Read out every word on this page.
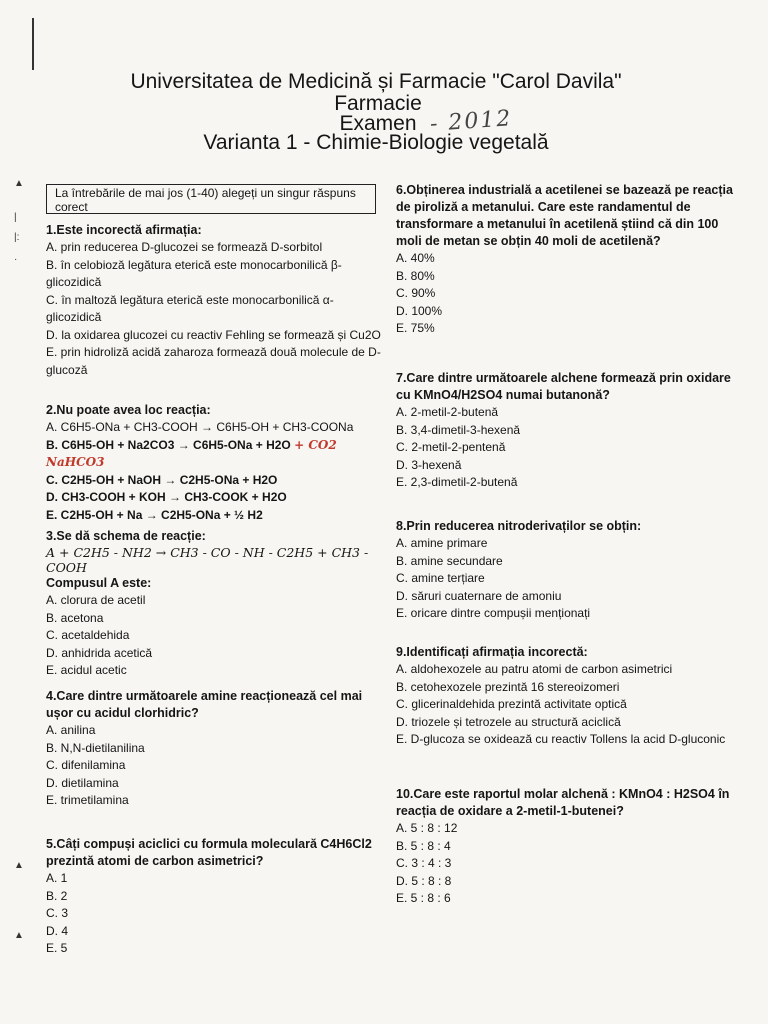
▲
|
|:
·
▲
▲
Universitatea de Medicină și Farmacie "Carol Davila"
Farmacie
Examen - 2012
Varianta 1 - Chimie-Biologie vegetală
La întrebările de mai jos (1-40) alegeți un singur răspuns corect
1.Este incorectă afirmația:
A. prin reducerea D-glucozei se formează D-sorbitol
B. în celobioză legătura eterică este monocarbonilică β-glicozidică
C. în maltoză legătura eterică este monocarbonilică α-glicozidică
D. la oxidarea glucozei cu reactiv Fehling se formează și Cu2O
E. prin hidroliză acidă zaharoza formează două molecule de D-glucoză
2.Nu poate avea loc reacția:
A. C6H5-ONa + CH3-COOH → C6H5-OH + CH3-COONa
B. C6H5-OH + Na2CO3 → C6H5-ONa + H2O + CO2 NaHCO3
C. C2H5-OH + NaOH → C2H5-ONa + H2O
D. CH3-COOH + KOH → CH3-COOK + H2O
E. C2H5-OH + Na → C2H5-ONa + ½ H2
3.Se dă schema de reacție:
A + C2H5 - NH2 → CH3 - CO - NH - C2H5 + CH3 - COOH
Compusul A este:
A. clorura de acetil
B. acetona
C. acetaldehida
D. anhidrida acetică
E. acidul acetic
4.Care dintre următoarele amine reacționează cel mai ușor cu acidul clorhidric?
A. anilina
B. N,N-dietilanilina
C. difenilamina
D. dietilamina
E. trimetilamina
5.Câți compuși aciclici cu formula moleculară C4H6Cl2 prezintă atomi de carbon asimetrici?
A. 1
B. 2
C. 3
D. 4
E. 5
6.Obținerea industrială a acetilenei se bazează pe reacția de piroliză a metanului. Care este randamentul de transformare a metanului în acetilenă știind că din 100 moli de metan se obțin 40 moli de acetilenă?
A. 40%
B. 80%
C. 90%
D. 100%
E. 75%
7.Care dintre următoarele alchene formează prin oxidare cu KMnO4/H2SO4 numai butanonă?
A. 2-metil-2-butenă
B. 3,4-dimetil-3-hexenă
C. 2-metil-2-pentenă
D. 3-hexenă
E. 2,3-dimetil-2-butenă
8.Prin reducerea nitroderivaților se obțin:
A. amine primare
B. amine secundare
C. amine terțiare
D. săruri cuaternare de amoniu
E. oricare dintre compușii menționați
9.Identificați afirmația incorectă:
A. aldohexozele au patru atomi de carbon asimetrici
B. cetohexozele prezintă 16 stereoizomeri
C. glicerinaldehida prezintă activitate optică
D. triozele și tetrozele au structură aciclică
E. D-glucoza se oxidează cu reactiv Tollens la acid D-gluconic
10.Care este raportul molar alchenă : KMnO4 : H2SO4 în reacția de oxidare a 2-metil-1-butenei?
A. 5 : 8 : 12
B. 5 : 8 : 4
C. 3 : 4 : 3
D. 5 : 8 : 8
E. 5 : 8 : 6
